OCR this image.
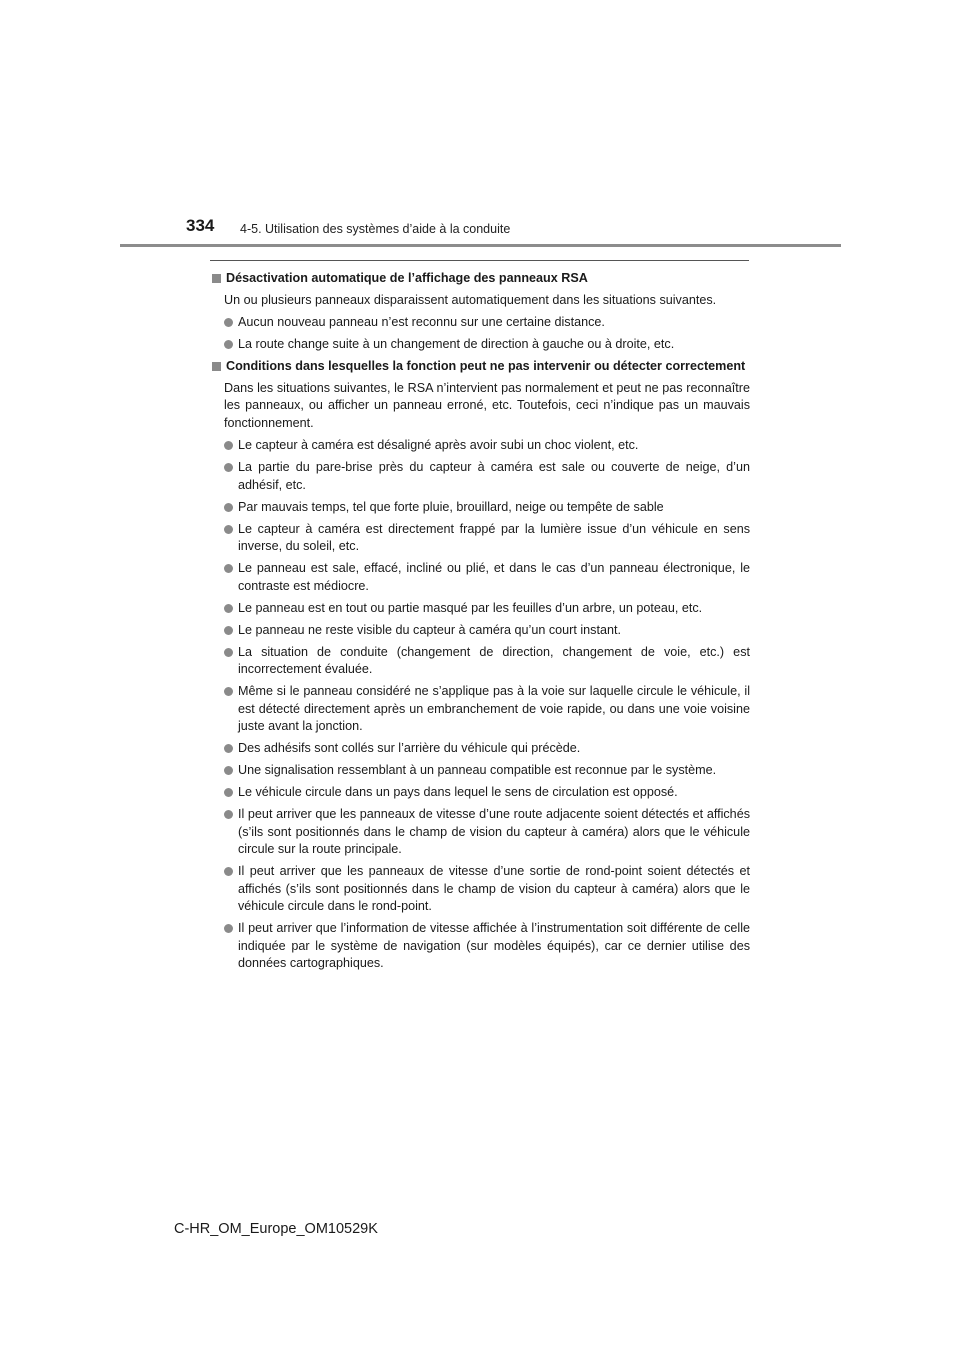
334 4-5. Utilisation des systèmes d’aide à la conduite
Désactivation automatique de l’affichage des panneaux RSA
Un ou plusieurs panneaux disparaissent automatiquement dans les situations suivantes.
Aucun nouveau panneau n’est reconnu sur une certaine distance.
La route change suite à un changement de direction à gauche ou à droite, etc.
Conditions dans lesquelles la fonction peut ne pas intervenir ou détecter correctement
Dans les situations suivantes, le RSA n’intervient pas normalement et peut ne pas reconnaître les panneaux, ou afficher un panneau erroné, etc. Toutefois, ceci n’indique pas un mauvais fonctionnement.
Le capteur à caméra est désaligné après avoir subi un choc violent, etc.
La partie du pare-brise près du capteur à caméra est sale ou couverte de neige, d’un adhésif, etc.
Par mauvais temps, tel que forte pluie, brouillard, neige ou tempête de sable
Le capteur à caméra est directement frappé par la lumière issue d’un véhicule en sens inverse, du soleil, etc.
Le panneau est sale, effacé, incliné ou plié, et dans le cas d’un panneau électronique, le contraste est médiocre.
Le panneau est en tout ou partie masqué par les feuilles d’un arbre, un poteau, etc.
Le panneau ne reste visible du capteur à caméra qu’un court instant.
La situation de conduite (changement de direction, changement de voie, etc.) est incorrectement évaluée.
Même si le panneau considéré ne s’applique pas à la voie sur laquelle circule le véhicule, il est détecté directement après un embranchement de voie rapide, ou dans une voie voisine juste avant la jonction.
Des adhésifs sont collés sur l’arrière du véhicule qui précède.
Une signalisation ressemblant à un panneau compatible est reconnue par le système.
Le véhicule circule dans un pays dans lequel le sens de circulation est opposé.
Il peut arriver que les panneaux de vitesse d’une route adjacente soient détectés et affichés (s’ils sont positionnés dans le champ de vision du capteur à caméra) alors que le véhicule circule sur la route principale.
Il peut arriver que les panneaux de vitesse d’une sortie de rond-point soient détectés et affichés (s’ils sont positionnés dans le champ de vision du capteur à caméra) alors que le véhicule circule dans le rond-point.
Il peut arriver que l’information de vitesse affichée à l’instrumentation soit différente de celle indiquée par le système de navigation (sur modèles équipés), car ce dernier utilise des données cartographiques.
C-HR_OM_Europe_OM10529K
